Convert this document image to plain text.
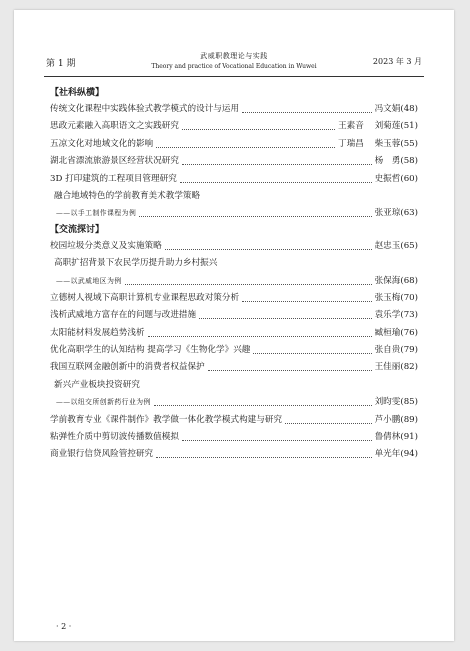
第 1 期
武威职教理论与实践
Theory and practice of Vocational Education in Wuwei
2023 年 3 月
【社科纵横】
传统文化课程中实践体验式教学模式的设计与运用	冯文娟(48)
思政元素融入高职语文之实践研究	王素音 刘菊莲(51)
五凉文化对地域文化的影响	丁瑞昌 柴玉蓉(55)
湖北省漂流旅游景区经营状况研究	杨　勇(58)
3D 打印建筑的工程项目管理研究	史振哲(60)
融合地域特色的学前教育美术教学策略
——以手工制作课程为例	张亚琼(63)
【交流探讨】
校园垃圾分类意义及实施策略	赵忠玉(65)
高职扩招背景下农民学历提升助力乡村振兴
——以武威地区为例	张保海(68)
立德树人视域下高职计算机专业课程思政对策分析	张玉梅(70)
浅析武威地方富存在的问题与改进措施	袁乐学(73)
太阳能材料发展趋势浅析	臧桓瑜(76)
优化高职学生的认知结构 提高学习《生物化学》兴趣	张自贵(79)
我国互联网金融创新中的消费者权益保护	王佳丽(82)
新兴产业板块投资研究
——以纽交所创新药行业为例	刘昀雯(85)
学前教育专业《课件制作》教学做一体化教学模式构建与研究	芦小鹏(89)
粘弹性介质中剪切波传播数值模拟	鲁倩林(91)
商业银行信贷风险管控研究	单光年(94)
· 2 ·
